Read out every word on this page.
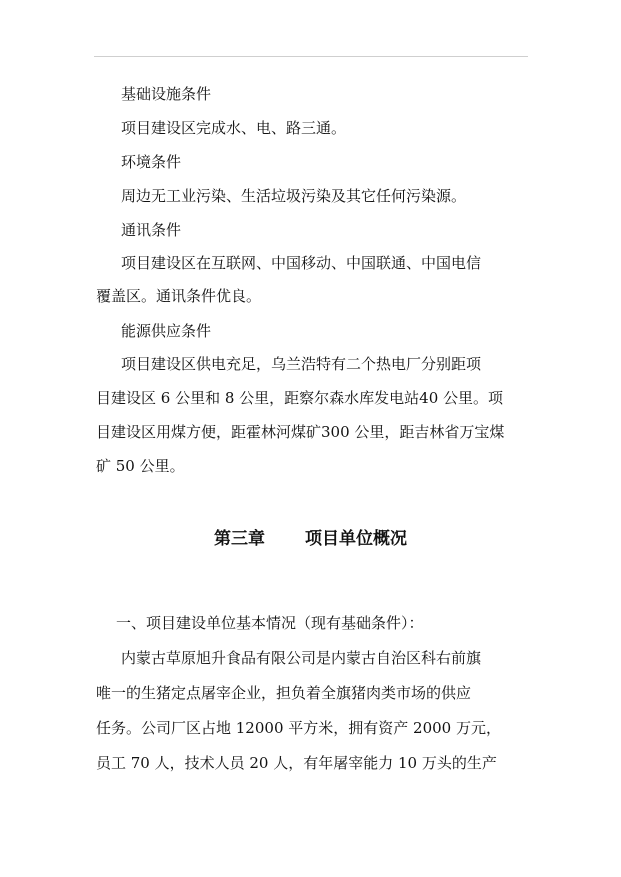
基础设施条件
项目建设区完成水、电、路三通。
环境条件
周边无工业污染、生活垃圾污染及其它任何污染源。
通讯条件
项目建设区在互联网、中国移动、中国联通、中国电信
覆盖区。通讯条件优良。
能源供应条件
项目建设区供电充足，乌兰浩特有二个热电厂分别距项
目建设区 6 公里和 8 公里，距察尔森水库发电站40 公里。项
目建设区用煤方便，距霍林河煤矿300 公里，距吉林省万宝煤
矿 50 公里。
第三章 项目单位概况
一、项目建设单位基本情况（现有基础条件）：
内蒙古草原旭升食品有限公司是内蒙古自治区科右前旗
唯一的生猪定点屠宰企业，担负着全旗猪肉类市场的供应
任务。公司厂区占地 12000 平方米，拥有资产 2000 万元，
员工 70 人，技术人员 20 人，有年屠宰能力 10 万头的生产
